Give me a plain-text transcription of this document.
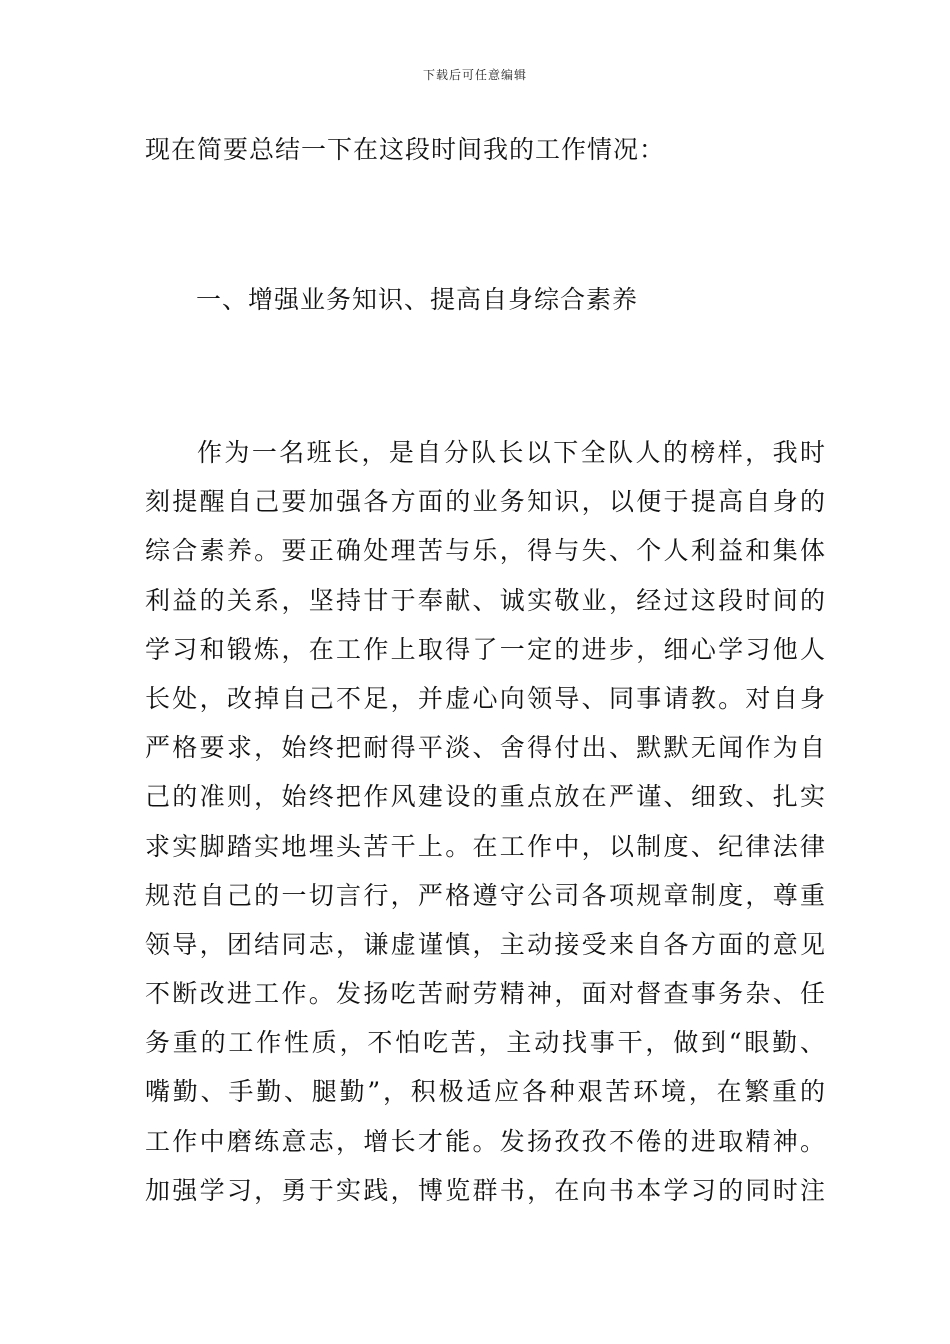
下载后可任意编辑
现在简要总结一下在这段时间我的工作情况：
一、增强业务知识、提高自身综合素养
作为一名班长，是自分队长以下全队人的榜样，我时
刻提醒自己要加强各方面的业务知识，以便于提高自身的
综合素养。要正确处理苦与乐，得与失、个人利益和集体
利益的关系，坚持甘于奉献、诚实敬业，经过这段时间的
学习和锻炼，在工作上取得了一定的进步，细心学习他人
长处，改掉自己不足，并虚心向领导、同事请教。对自身
严格要求，始终把耐得平淡、舍得付出、默默无闻作为自
己的准则，始终把作风建设的重点放在严谨、细致、扎实
求实脚踏实地埋头苦干上。在工作中，以制度、纪律法律
规范自己的一切言行，严格遵守公司各项规章制度，尊重
领导，团结同志，谦虚谨慎，主动接受来自各方面的意见
不断改进工作。发扬吃苦耐劳精神，面对督查事务杂、任
务重的工作性质，不怕吃苦，主动找事干，做到“眼勤、
嘴勤、手勤、腿勤”，积极适应各种艰苦环境，在繁重的
工作中磨练意志，增长才能。发扬孜孜不倦的进取精神。
加强学习，勇于实践，博览群书，在向书本学习的同时注
